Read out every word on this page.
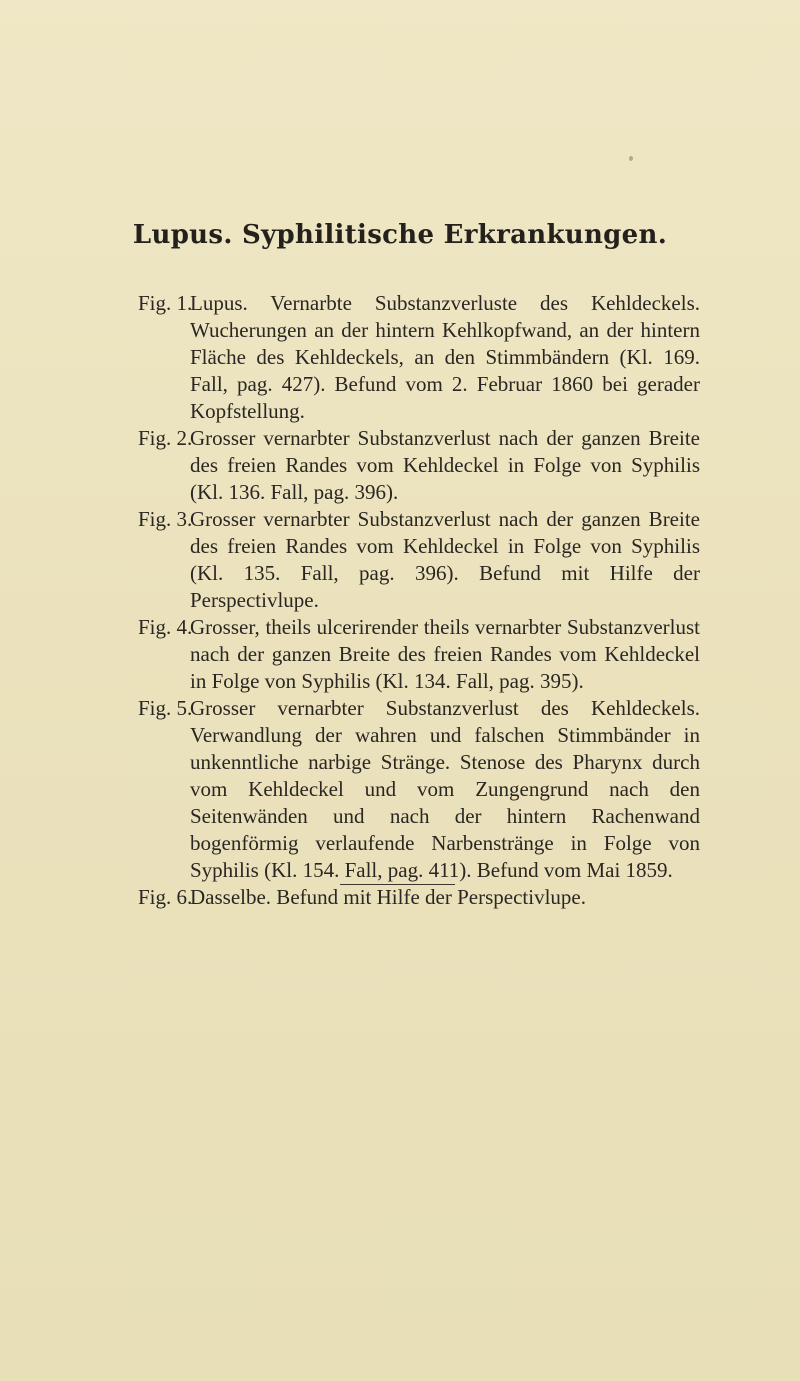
Lupus. Syphilitische Erkrankungen.
Fig. 1.
Lupus. Vernarbte Substanzverluste des Kehldeckels. Wucherungen an der hintern Kehlkopfwand, an der hintern Fläche des Kehldeckels, an den Stimmbändern (Kl. 169. Fall, pag. 427). Befund vom 2. Februar 1860 bei gerader Kopfstellung.
Fig. 2.
Grosser vernarbter Substanzverlust nach der ganzen Breite des freien Randes vom Kehldeckel in Folge von Syphilis (Kl. 136. Fall, pag. 396).
Fig. 3.
Grosser vernarbter Substanzverlust nach der ganzen Breite des freien Randes vom Kehldeckel in Folge von Syphilis (Kl. 135. Fall, pag. 396). Befund mit Hilfe der Perspectivlupe.
Fig. 4.
Grosser, theils ulcerirender theils vernarbter Substanzverlust nach der ganzen Breite des freien Randes vom Kehldeckel in Folge von Syphilis (Kl. 134. Fall, pag. 395).
Fig. 5.
Grosser vernarbter Substanzverlust des Kehldeckels. Verwandlung der wahren und falschen Stimmbänder in unkenntliche narbige Stränge. Stenose des Pharynx durch vom Kehldeckel und vom Zungengrund nach den Seitenwänden und nach der hintern Rachenwand bogenförmig verlaufende Narbenstränge in Folge von Syphilis (Kl. 154. Fall, pag. 411). Befund vom Mai 1859.
Fig. 6.
Dasselbe. Befund mit Hilfe der Perspectivlupe.
